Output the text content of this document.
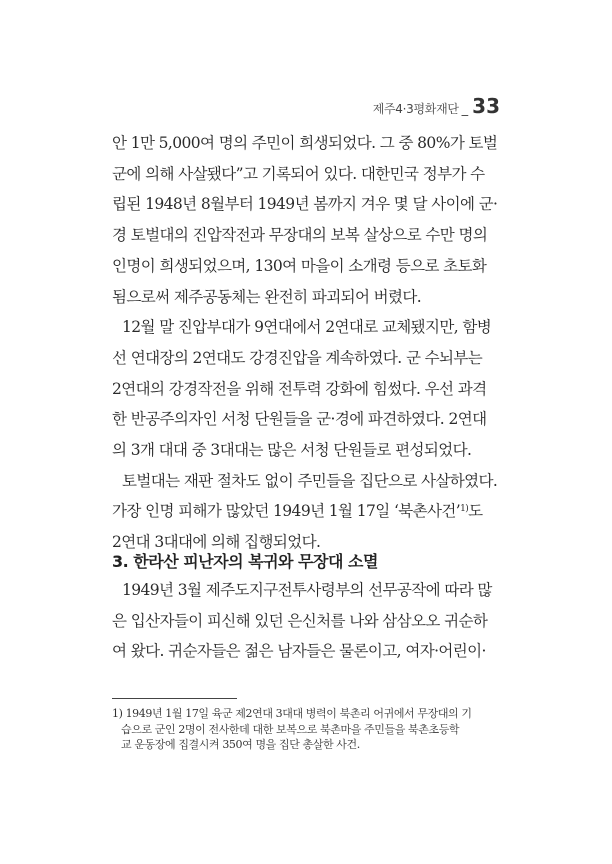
제주4·3평화재단 _ 33
안 1만 5,000여 명의 주민이 희생되었다. 그 중 80%가 토벌
군에 의해 사살됐다”고 기록되어 있다. 대한민국 정부가 수
립된 1948년 8월부터 1949년 봄까지 겨우 몇 달 사이에 군·
경 토벌대의 진압작전과 무장대의 보복 살상으로 수만 명의
인명이 희생되었으며, 130여 마을이 소개령 등으로 초토화
됨으로써 제주공동체는 완전히 파괴되어 버렸다.
12월 말 진압부대가 9연대에서 2연대로 교체됐지만, 함병
선 연대장의 2연대도 강경진압을 계속하였다. 군 수뇌부는
2연대의 강경작전을 위해 전투력 강화에 힘썼다. 우선 과격
한 반공주의자인 서청 단원들을 군·경에 파견하였다. 2연대
의 3개 대대 중 3대대는 많은 서청 단원들로 편성되었다.
토벌대는 재판 절차도 없이 주민들을 집단으로 사살하였다.
가장 인명 피해가 많았던 1949년 1월 17일 ‘북촌사건’$^{1)}$도
2연대 3대대에 의해 집행되었다.
3. 한라산 피난자의 복귀와 무장대 소멸
1949년 3월 제주도지구전투사령부의 선무공작에 따라 많
은 입산자들이 피신해 있던 은신처를 나와 삼삼오오 귀순하
여 왔다. 귀순자들은 젊은 남자들은 물론이고, 여자·어린이·
1) 1949년 1월 17일 육군 제2연대 3대대 병력이 북촌리 어귀에서 무장대의 기
습으로 군인 2명이 전사한데 대한 보복으로 북촌마을 주민들을 북촌초등학
교 운동장에 집결시켜 350여 명을 집단 총살한 사건.
